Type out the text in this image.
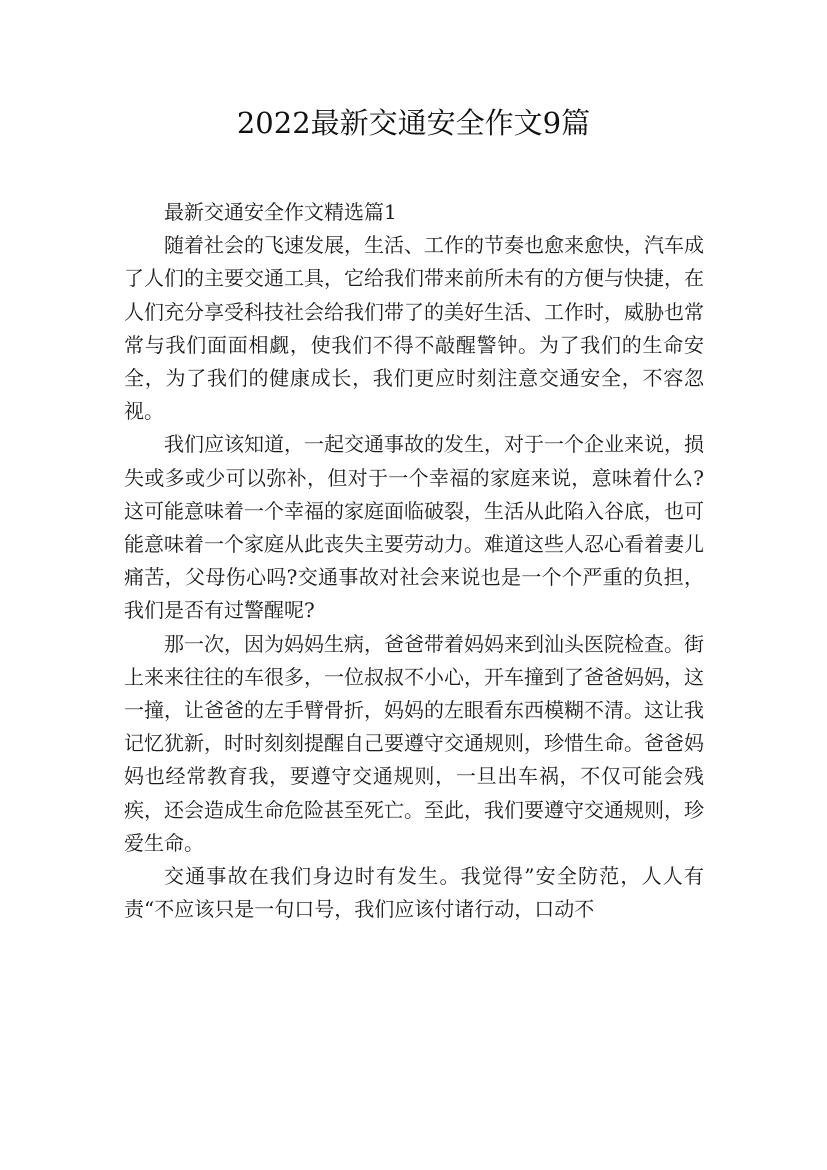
2022最新交通安全作文9篇

最新交通安全作文精选篇1

随着社会的飞速发展，生活、工作的节奏也愈来愈快，汽车成了人们的主要交通工具，它给我们带来前所未有的方便与快捷，在人们充分享受科技社会给我们带了的美好生活、工作时，威胁也常常与我们面面相觑，使我们不得不敲醒警钟。为了我们的生命安全，为了我们的健康成长，我们更应时刻注意交通安全，不容忽视。

我们应该知道，一起交通事故的发生，对于一个企业来说，损失或多或少可以弥补，但对于一个幸福的家庭来说，意味着什么?这可能意味着一个幸福的家庭面临破裂，生活从此陷入谷底，也可能意味着一个家庭从此丧失主要劳动力。难道这些人忍心看着妻儿痛苦，父母伤心吗?交通事故对社会来说也是一个个严重的负担，我们是否有过警醒呢?

那一次，因为妈妈生病，爸爸带着妈妈来到汕头医院检查。街上来来往往的车很多，一位叔叔不小心，开车撞到了爸爸妈妈，这一撞，让爸爸的左手臂骨折，妈妈的左眼看东西模糊不清。这让我记忆犹新，时时刻刻提醒自己要遵守交通规则，珍惜生命。爸爸妈妈也经常教育我，要遵守交通规则，一旦出车祸，不仅可能会残疾，还会造成生命危险甚至死亡。至此，我们要遵守交通规则，珍爱生命。

交通事故在我们身边时有发生。我觉得”安全防范，人人有责“不应该只是一句口号，我们应该付诸行动，口动不
